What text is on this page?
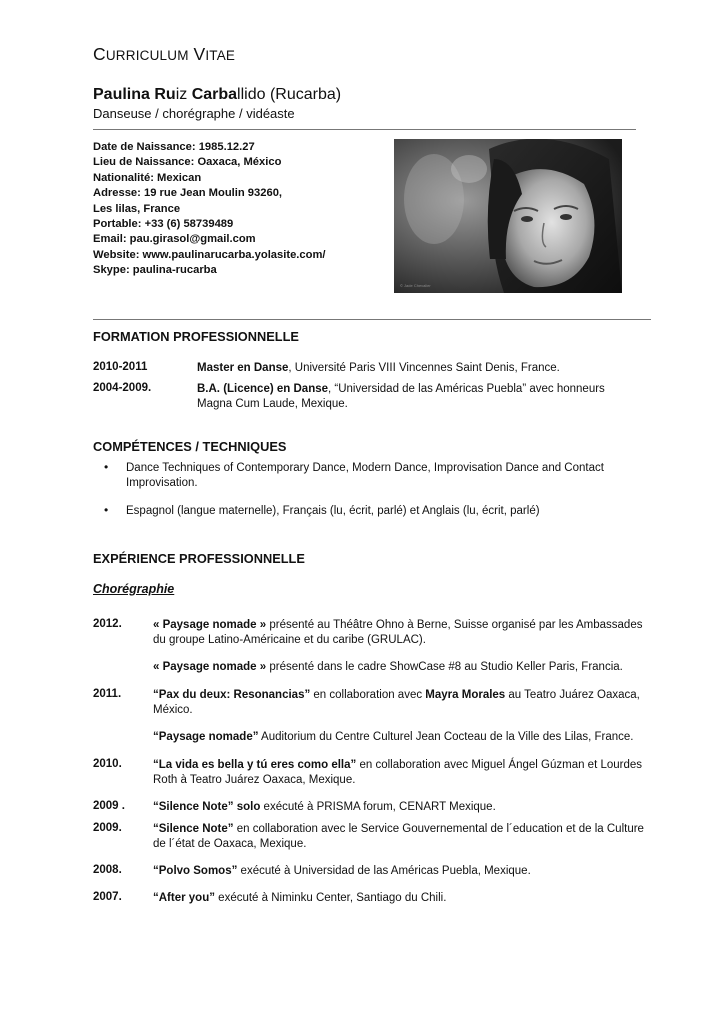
CURRICULUM VITAE
Paulina Ruiz Carballido (Rucarba)
Danseuse / chorégraphe / vidéaste
Date de Naissance: 1985.12.27
Lieu de Naissance: Oaxaca, México
Nationalité: Mexican
Adresse: 19 rue Jean Moulin 93260,
Les lilas, France
Portable: +33 (6) 58739489
Email: pau.girasol@gmail.com
Website: www.paulinarucarba.yolasite.com/
Skype: paulina-rucarba
© Jade Chevalier
FORMATION PROFESSIONNELLE
2010-2011	Master en Danse, Université Paris VIII Vincennes Saint Denis, France.
2004-2009.	B.A. (Licence) en Danse, “Universidad de las Américas Puebla” avec honneurs
Magna Cum Laude, Mexique.
COMPÉTENCES / TECHNIQUES
• Dance Techniques of Contemporary Dance, Modern Dance, Improvisation Dance and Contact
Improvisation.
• Espagnol (langue maternelle), Français (lu, écrit, parlé) et Anglais (lu, écrit, parlé)
EXPÉRIENCE PROFESSIONNELLE
Chorégraphie
2012.	« Paysage nomade » présenté au Théâtre Ohno à Berne, Suisse organisé par les Ambassades
du groupe Latino-Américaine et du caribe (GRULAC).
« Paysage nomade » présenté dans le cadre ShowCase #8 au Studio Keller Paris, Francia.
2011.	“Pax du deux: Resonancias” en collaboration avec Mayra Morales au Teatro Juárez Oaxaca,
México.
“Paysage nomade” Auditorium du Centre Culturel Jean Cocteau de la Ville des Lilas, France.
2010.	“La vida es bella y tú eres como ella” en collaboration avec Miguel Ángel Gúzman et Lourdes
Roth à Teatro Juárez Oaxaca, Mexique.
2009 . “Silence Note” solo exécuté à PRISMA forum, CENART Mexique.
2009.	“Silence Note” en collaboration avec le Service Gouvernemental de l´education et de la Culture
de l´état de Oaxaca, Mexique.
2008.	“Polvo Somos” exécuté à Universidad de las Américas Puebla, Mexique.
2007.	“After you” exécuté à Niminku Center, Santiago du Chili.
